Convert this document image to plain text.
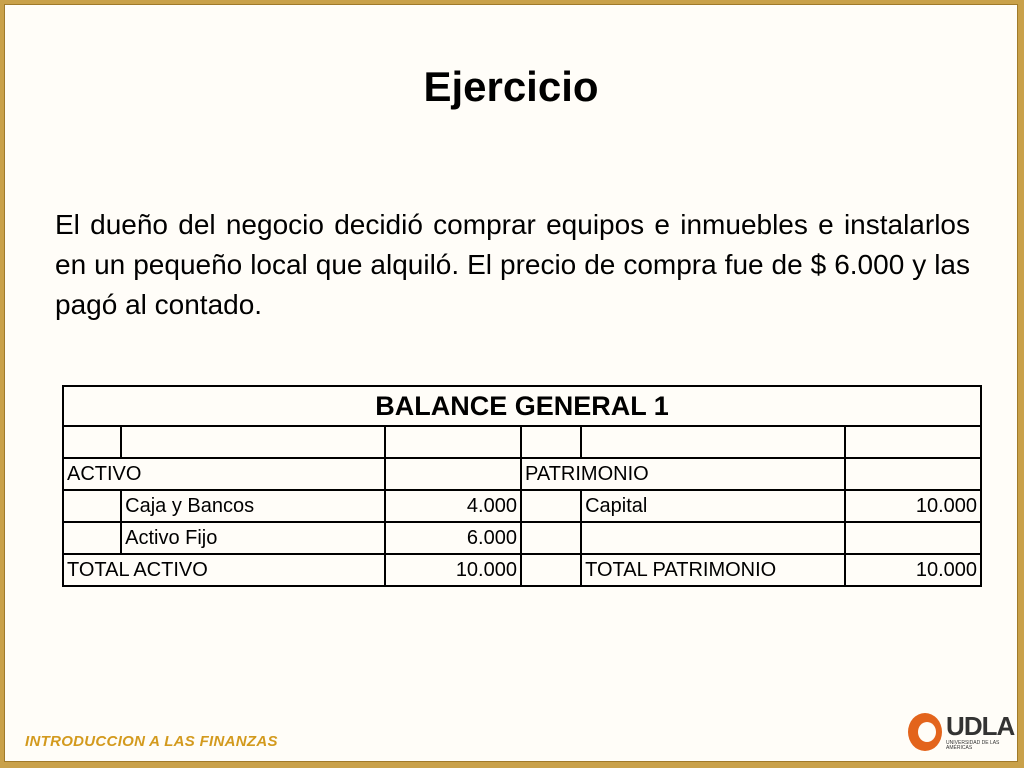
Ejercicio

El dueño del negocio decidió comprar equipos e inmuebles e instalarlos en un pequeño local que alquiló. El precio de compra fue de $ 6.000 y las pagó al contado.

BALANCE GENERAL 1					

ACTIVO			PATRIMONIO		
	Caja y Bancos	4.000		Capital	10.000
	Activo Fijo	6.000			
TOTAL ACTIVO		10.000		TOTAL PATRIMONIO	10.000
INTRODUCCION A LAS FINANZAS
UDLA
UNIVERSIDAD DE LAS AMÉRICAS
